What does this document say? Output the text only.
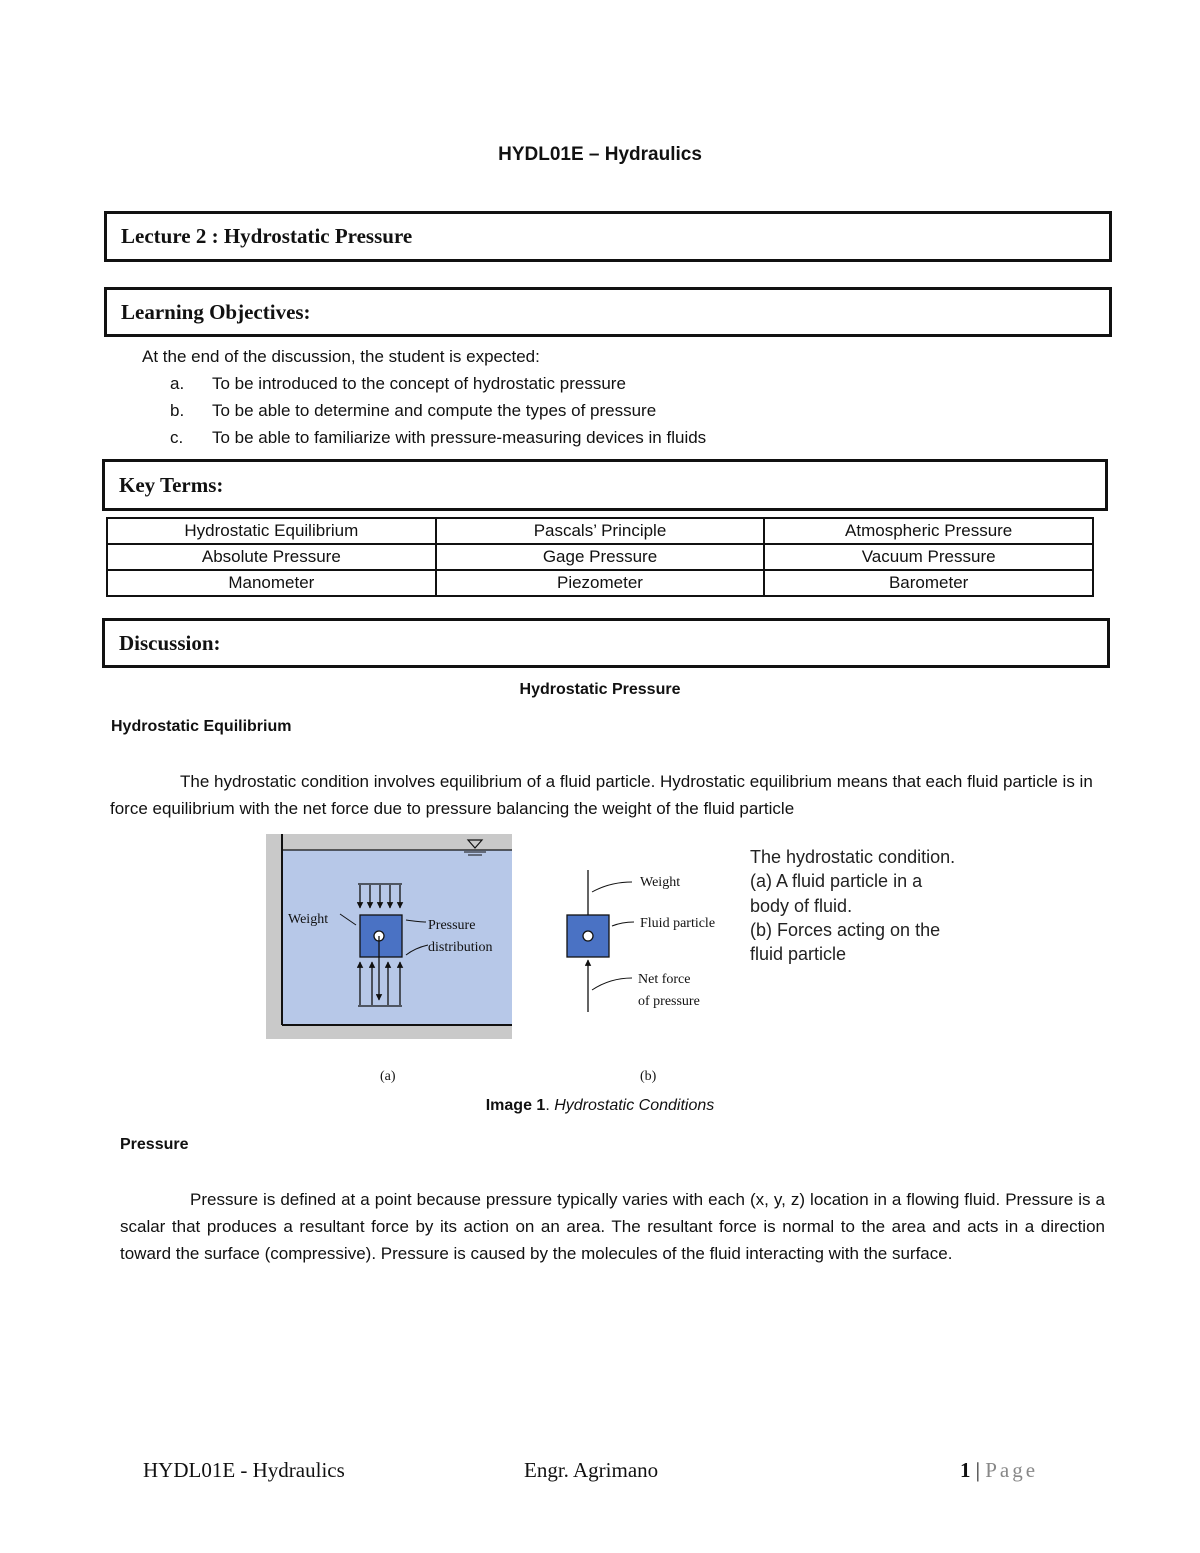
HYDL01E – Hydraulics
Lecture 2 : Hydrostatic Pressure
Learning Objectives:
At the end of the discussion, the student is expected:
a. To be introduced to the concept of hydrostatic pressure
b. To be able to determine and compute the types of pressure
c. To be able to familiarize with pressure-measuring devices in fluids
Key Terms:
Hydrostatic Equilibrium	Pascals’ Principle	Atmospheric Pressure
Absolute Pressure	Gage Pressure	Vacuum Pressure
Manometer	Piezometer	Barometer
Discussion:
Hydrostatic Pressure
Hydrostatic Equilibrium
The hydrostatic condition involves equilibrium of a fluid particle. Hydrostatic equilibrium means that each fluid particle is in force equilibrium with the net force due to pressure balancing the weight of the fluid particle
Weight	Pressure
distribution
(a)
Weight
Fluid particle
Net force
of pressure
(b)
The hydrostatic condition.
(a) A fluid particle in a
body of fluid.
(b) Forces acting on the
fluid particle
Image 1. Hydrostatic Conditions
Pressure
Pressure is defined at a point because pressure typically varies with each (x, y, z) location in a flowing fluid. Pressure is a scalar that produces a resultant force by its action on an area. The resultant force is normal to the area and acts in a direction toward the surface (compressive). Pressure is caused by the molecules of the fluid interacting with the surface.
HYDL01E - Hydraulics	Engr. Agrimano	1 | Page
